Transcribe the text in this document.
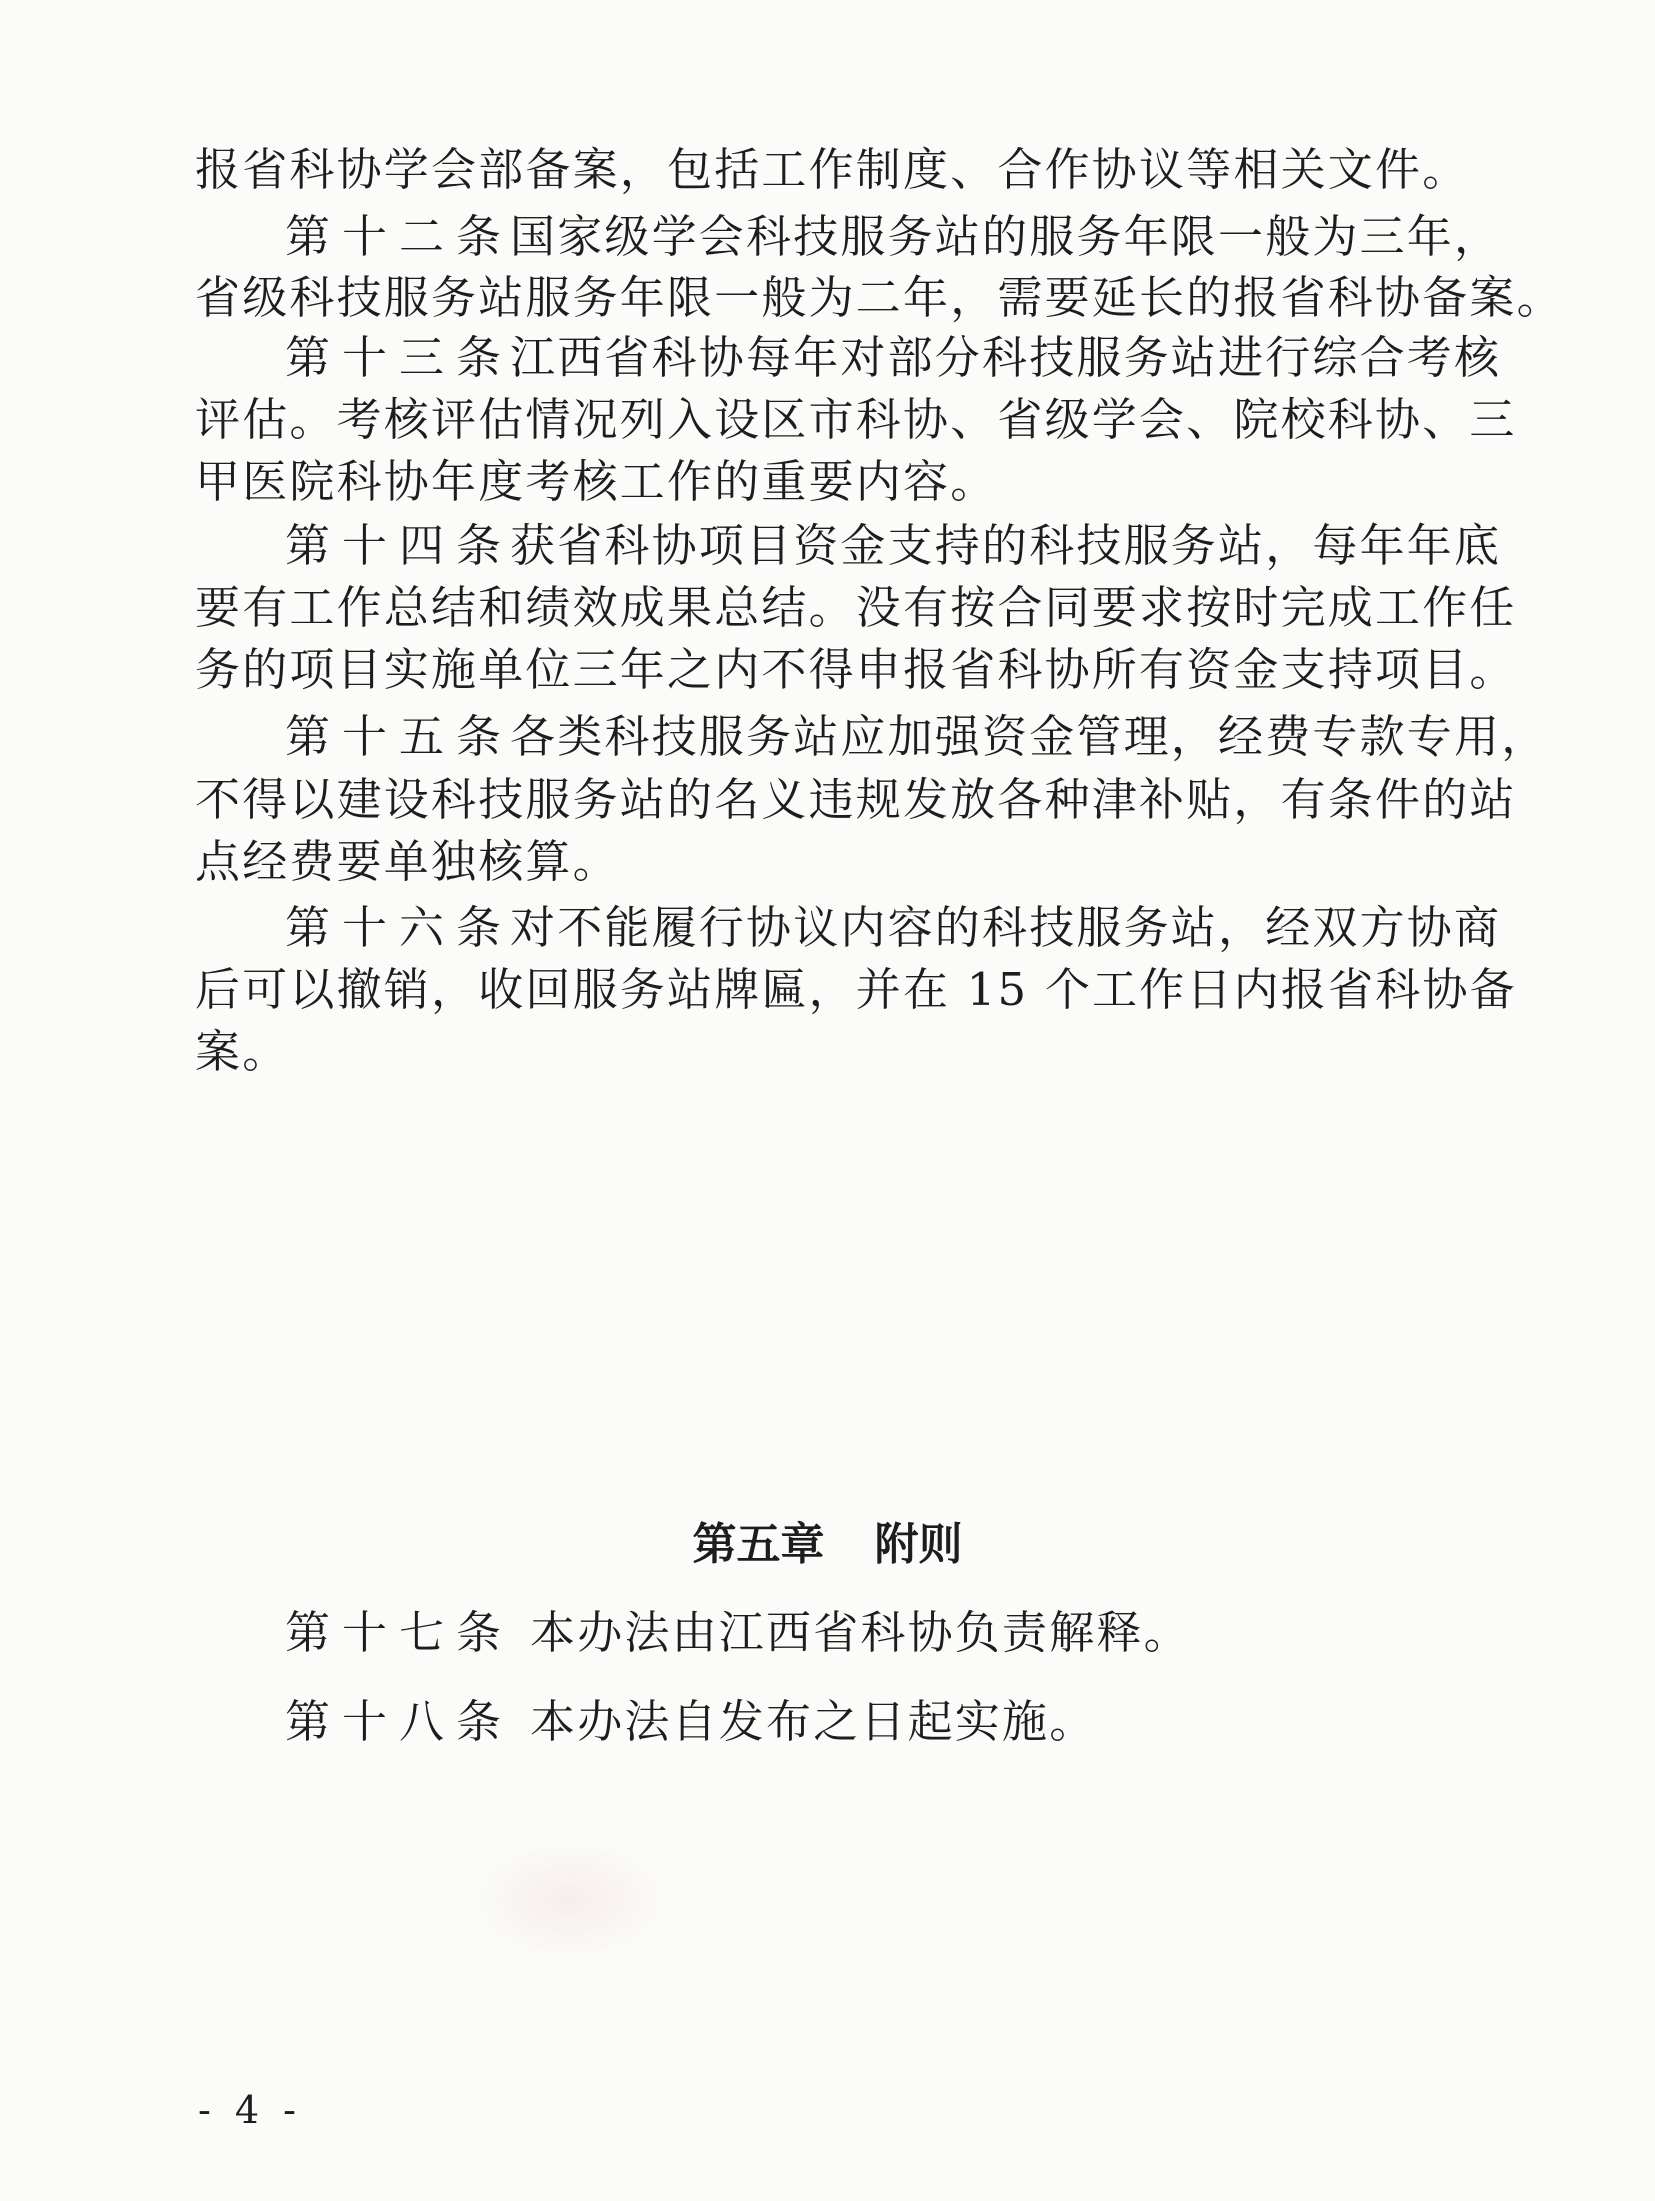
报省科协学会部备案，包括工作制度、合作协议等相关文件。
第十二条国家级学会科技服务站的服务年限一般为三年，
省级科技服务站服务年限一般为二年，需要延长的报省科协备案。
第十三条江西省科协每年对部分科技服务站进行综合考核
评估。考核评估情况列入设区市科协、省级学会、院校科协、三
甲医院科协年度考核工作的重要内容。
第十四条获省科协项目资金支持的科技服务站，每年年底
要有工作总结和绩效成果总结。没有按合同要求按时完成工作任
务的项目实施单位三年之内不得申报省科协所有资金支持项目。
第十五条各类科技服务站应加强资金管理，经费专款专用，
不得以建设科技服务站的名义违规发放各种津补贴，有条件的站
点经费要单独核算。
第十六条对不能履行协议内容的科技服务站，经双方协商
后可以撤销，收回服务站牌匾，并在 15 个工作日内报省科协备
案。
第五章 附则
第十七条 本办法由江西省科协负责解释。
第十八条 本办法自发布之日起实施。
- 4 -
